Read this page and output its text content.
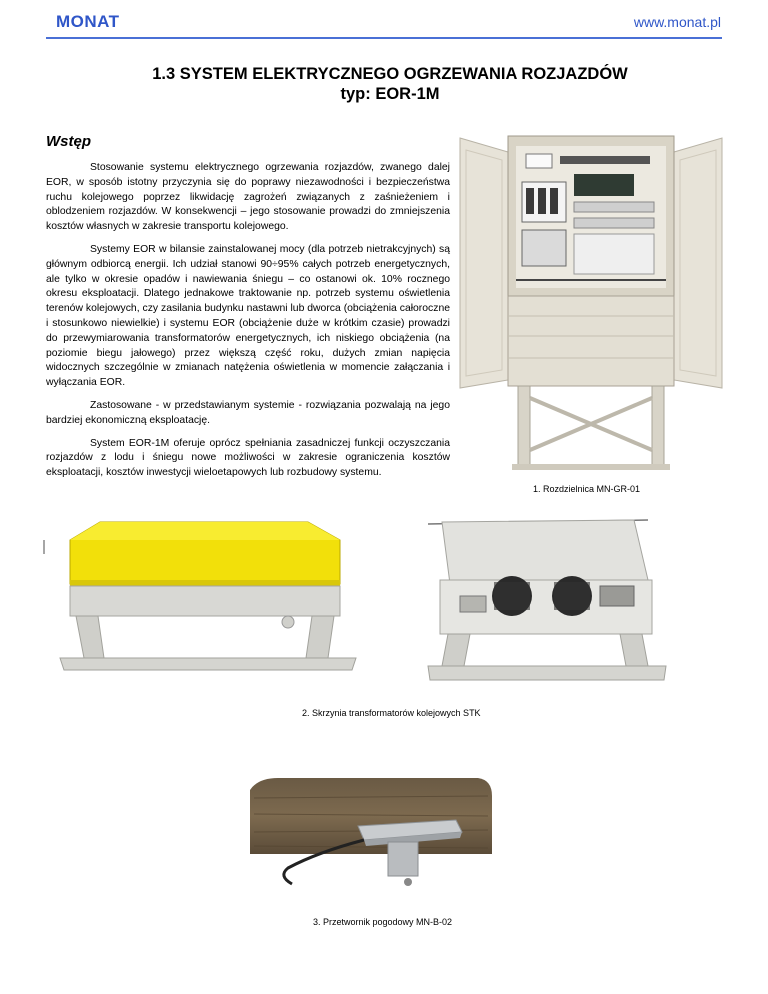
MONAT	www.monat.pl
1.3 SYSTEM ELEKTRYCZNEGO OGRZEWANIA ROZJAZDÓW
typ: EOR-1M
Wstęp

Stosowanie systemu elektrycznego ogrzewania rozjazdów, zwanego dalej EOR, w sposób istotny przyczynia się do poprawy niezawodności i bezpieczeństwa ruchu kolejowego poprzez likwidację zagrożeń związanych z zaśnieżeniem i oblodzeniem rozjazdów. W konsekwencji – jego stosowanie prowadzi do zmniejszenia kosztów własnych w zakresie transportu kolejowego.

Systemy EOR w bilansie zainstalowanej mocy (dla potrzeb nietrakcyjnych) są głównym odbiorcą energii. Ich udział stanowi 90÷95% całych potrzeb energetycznych, ale tylko w okresie opadów i nawiewania śniegu – co ostanowi ok. 10% rocznego okresu eksploatacji. Dlatego jednakowe traktowanie np. potrzeb systemu oświetlenia terenów kolejowych, czy zasilania budynku nastawni lub dworca (obciążenia całoroczne i stosunkowo niewielkie) i systemu EOR (obciążenie duże w krótkim czasie) prowadzi do przewymiarowania transformatorów energetycznych, ich niskiego obciążenia (na poziomie biegu jałowego) przez większą część roku, dużych zmian napięcia widocznych szczególnie w zmianach natężenia oświetlenia w momencie załączania i wyłączania EOR.

Zastosowane - w przedstawianym systemie - rozwiązania pozwalają na jego bardziej ekonomiczną eksploatację.

System EOR-1M oferuje oprócz spełniania zasadniczej funkcji oczyszczania rozjazdów z lodu i śniegu nowe możliwości w zakresie ograniczenia kosztów eksploatacji, kosztów inwestycji wieloetapowych lub rozbudowy systemu.

1. Rozdzielnica MN-GR-01
2. Skrzynia transformatorów kolejowych STK
3. Przetwornik pogodowy MN-B-02
